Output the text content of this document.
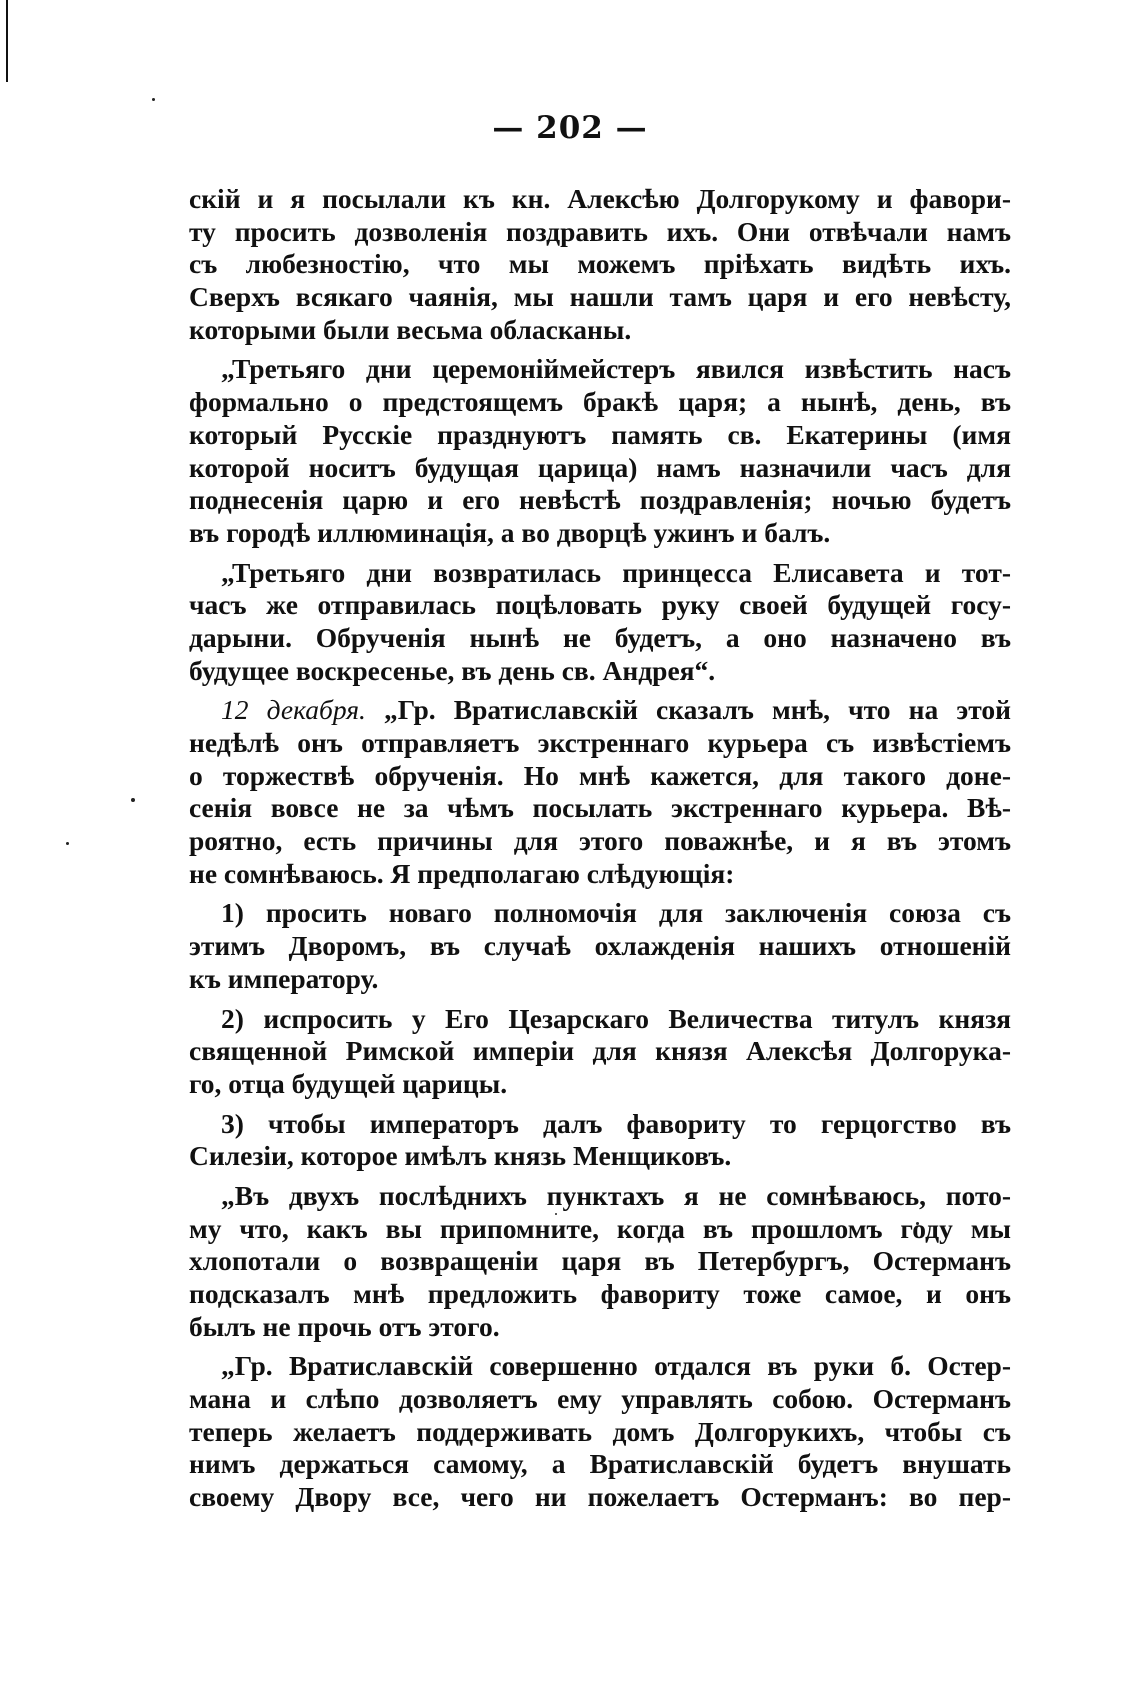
— 202 —
скій и я посылали къ кн. Алексѣю Долгорукому и фавори-
ту просить дозволенія поздравить ихъ. Они отвѣчали намъ
съ любезностію, что мы можемъ пріѣхать видѣть ихъ.
Сверхъ всякаго чаянія, мы нашли тамъ царя и его невѣсту,
которыми были весьма обласканы.
„Третьяго дни церемоніймейстеръ явился извѣстить насъ
формально о предстоящемъ бракѣ царя; а нынѣ, день, въ
который Русскіе празднуютъ память св. Екатерины (имя
которой носитъ будущая царица) намъ назначили часъ для
поднесенія царю и его невѣстѣ поздравленія; ночью будетъ
въ городѣ иллюминація, а во дворцѣ ужинъ и балъ.
„Третьяго дни возвратилась принцесса Елисавета и тот-
часъ же отправилась поцѣловать руку своей будущей госу-
дарыни. Обрученія нынѣ не будетъ, а оно назначено въ
будущее воскресенье, въ день св. Андрея“.
12 декабря. „Гр. Вратиславскій сказалъ мнѣ, что на этой
недѣлѣ онъ отправляетъ экстреннаго курьера съ извѣстіемъ
о торжествѣ обрученія. Но мнѣ кажется, для такого донe-
сенія вовсе не за чѣмъ посылать экстреннаго курьера. Вѣ-
роятно, есть причины для этого поважнѣе, и я въ этомъ
не сомнѣваюсь. Я предполагаю слѣдующія:
1) просить новаго полномочія для заключенія союза съ
этимъ Дворомъ, въ случаѣ охлажденія нашихъ отношеній
къ императору.
2) испросить у Его Цезарскаго Величества титулъ князя
священной Римской имперіи для князя Алексѣя Долгорука-
го, отца будущей царицы.
3) чтобы императоръ далъ фавориту то герцогство въ
Силезіи, которое имѣлъ князь Менщиковъ.
„Въ двухъ послѣднихъ пунктахъ я не сомнѣваюсь, пото-
му что, какъ вы припомните, когда въ прошломъ году мы
хлопотали о возвращеніи царя въ Петербургъ, Остерманъ
подсказалъ мнѣ предложить фавориту тоже самое, и онъ
былъ не прочь отъ этого.
„Гр. Вратиславскій совершенно отдался въ руки б. Остер-
мана и слѣпо дозволяетъ ему управлять собою. Остерманъ
теперь желаетъ поддерживать домъ Долгорукихъ, чтобы съ
нимъ держаться самому, а Вратиславскій будетъ внушать
своему Двору все, чего ни пожелаетъ Остерманъ: во пер-
